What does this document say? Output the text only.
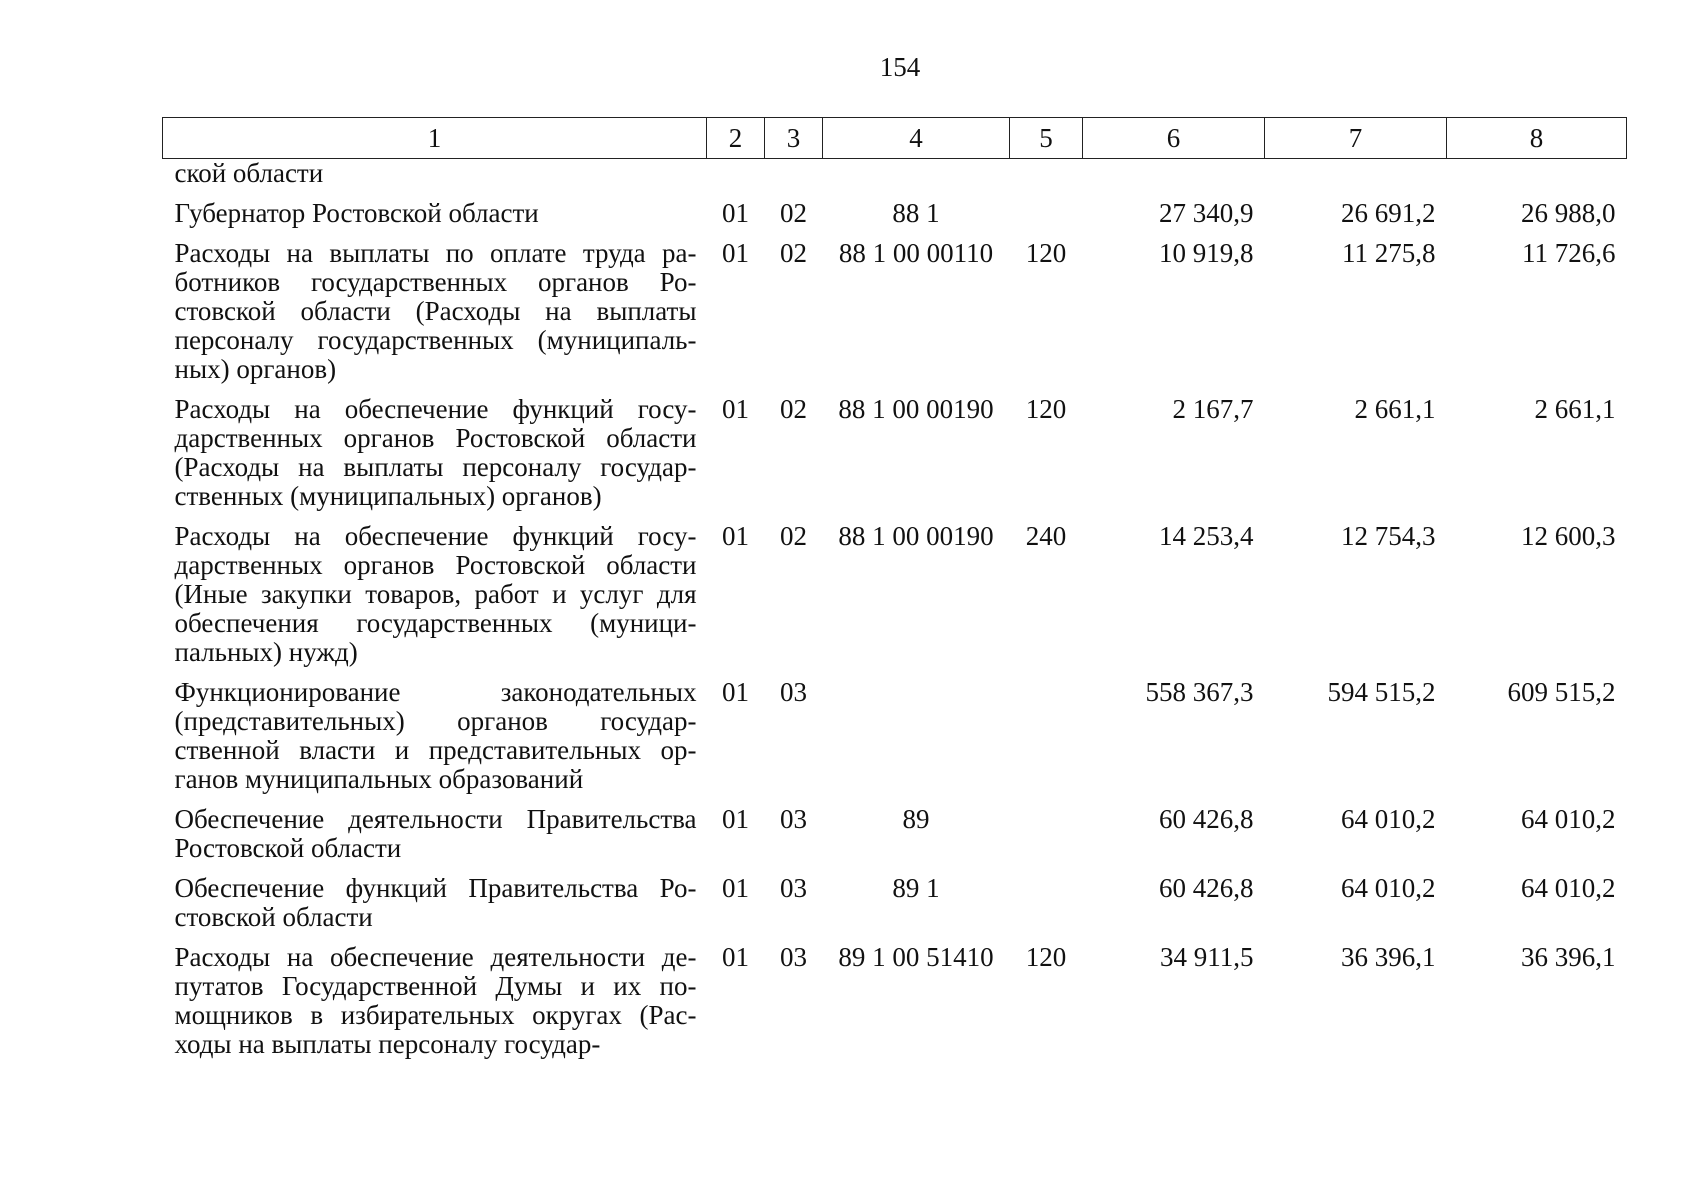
154
1	2	3	4	5	6	7	8
ской области							
Губернатор Ростовской области	01	02	88 1		27 340,9	26 691,2	26 988,0
Расходы на выплаты по оплате труда работников государственных органов Ростовской области (Расходы на выплаты персоналу государственных (муниципальных) органов)	01	02	88 1 00 00110	120	10 919,8	11 275,8	11 726,6
Расходы на обеспечение функций государственных органов Ростовской области (Расходы на выплаты персоналу государственных (муниципальных) органов)	01	02	88 1 00 00190	120	2 167,7	2 661,1	2 661,1
Расходы на обеспечение функций государственных органов Ростовской области (Иные закупки товаров, работ и услуг для обеспечения государственных (муниципальных) нужд)	01	02	88 1 00 00190	240	14 253,4	12 754,3	12 600,3
Функционирование законодательных (представительных) органов государственной власти и представительных органов муниципальных образований	01	03			558 367,3	594 515,2	609 515,2
Обеспечение деятельности Правительства Ростовской области	01	03	89		60 426,8	64 010,2	64 010,2
Обеспечение функций Правительства Ростовской области	01	03	89 1		60 426,8	64 010,2	64 010,2
Расходы на обеспечение деятельности депутатов Государственной Думы и их помощников в избирательных округах (Расходы на выплаты персоналу государ-	01	03	89 1 00 51410	120	34 911,5	36 396,1	36 396,1
